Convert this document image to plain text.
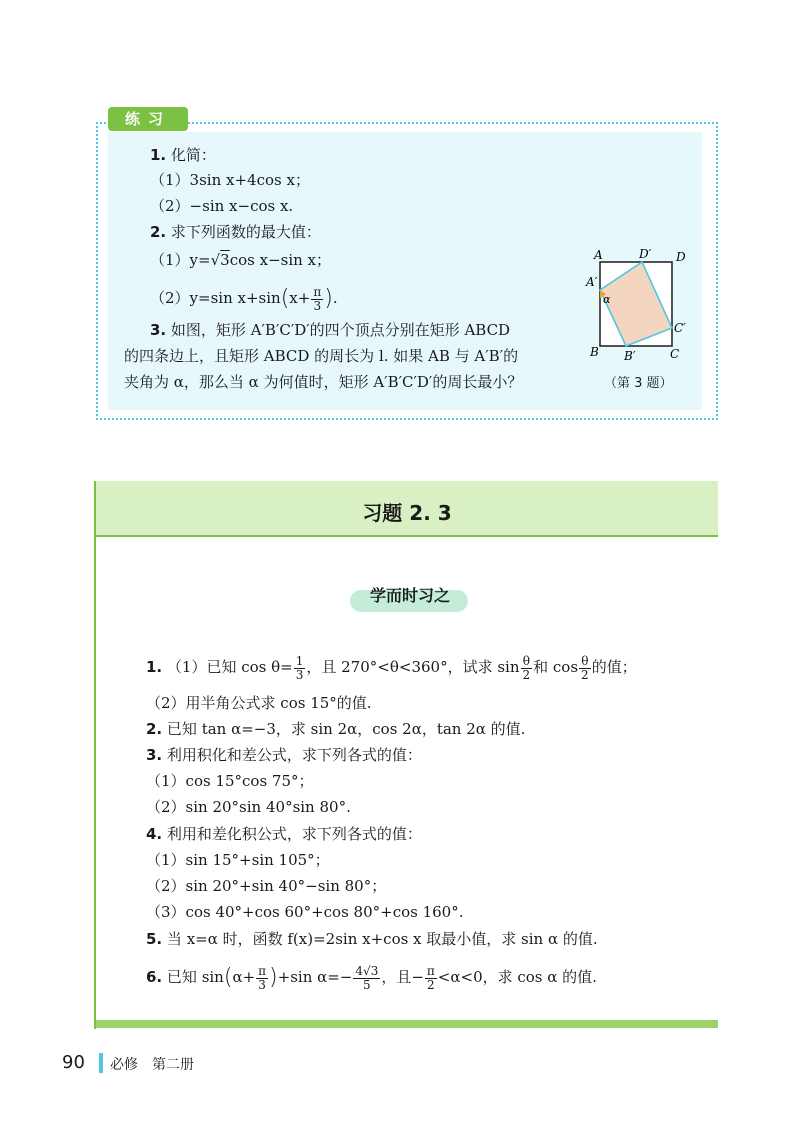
练习
1. 化简：
（1）3sin x+4cos x；
（2）−sin x−cos x.
2. 求下列函数的最大值：
（1）y=√3cos x−sin x；
（2）y=sin $x+\sin(x+ \frac{\pi}{3}$ ).
3. 如图，矩形 A′B′C′D′的四个顶点分别在矩形 ABCD
的四条边上，且矩形 ABCD 的周长为 l. 如果 AB 与 A′B′的
夹角为 α，那么当 α 为何值时，矩形 A′B′C′D′的周长最小？
A	D′ D
A′
α
C′
B B′	C
（第 3 题）
习题 2. 3
学而时习之
1. （1）已知 $\cos \theta= \frac{1}{3}$ ，且 270°<θ<360°，试求 $\sin \frac{\theta}{2}$ 和 $\cos \frac{\theta}{2}$ 的值；
（2）用半角公式求 cos 15°的值.
2. 已知 tan α=−3，求 sin 2α，cos 2α，tan 2α 的值.
3. 利用积化和差公式，求下列各式的值：
（1）cos 15°cos 75°；
（2）sin 20°sin 40°sin 80°.
4. 利用和差化积公式，求下列各式的值：
（1）sin 15°+sin 105°；
（2）sin 20°+sin 40°−sin 80°；
（3）cos 40°+cos 60°+cos 80°+cos 160°.
5. 当 x=α 时，函数 f(x)=2sin x+cos x 取最小值，求 sin α 的值.
6. 已知 $\sin(\alpha+ \frac{\pi}{3} )+\sin$ $\alpha=- \frac{4√3}{5}$ ，且− $\frac{\pi}{2} <\alpha<0$，求 cos α 的值.
90 必修　第二册
